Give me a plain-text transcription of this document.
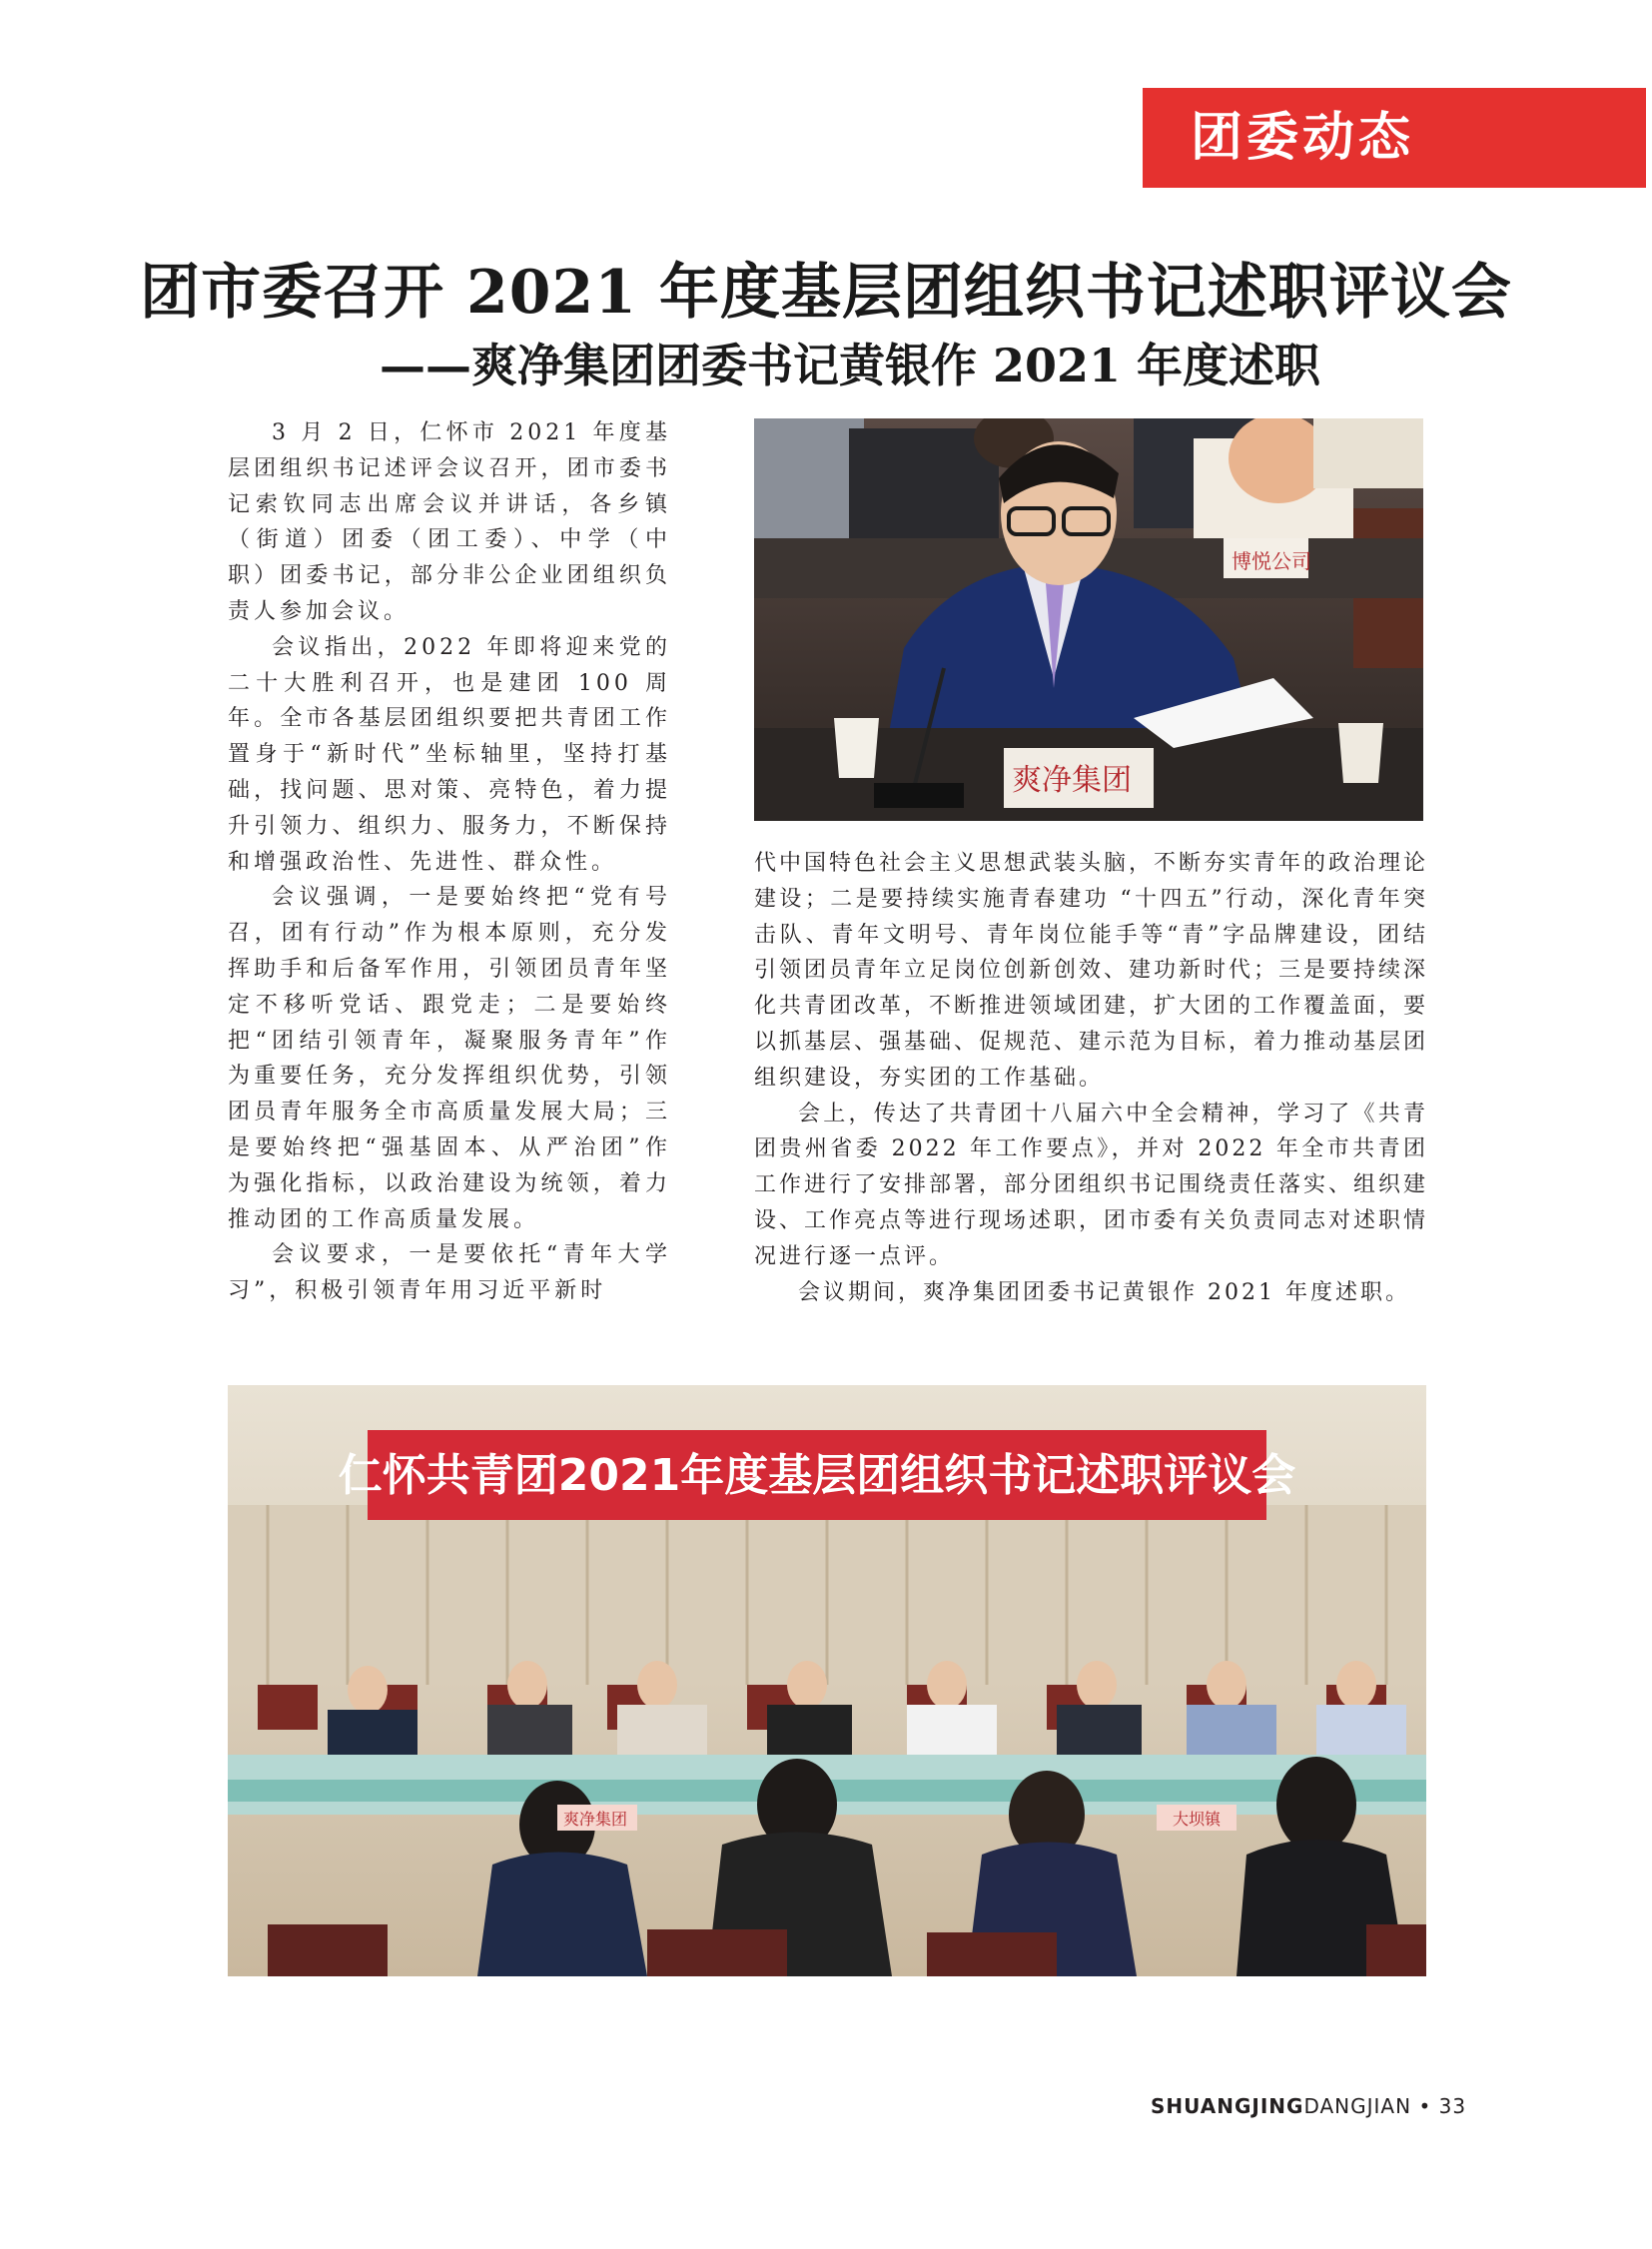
团委动态
团市委召开 2021 年度基层团组织书记述职评议会
——爽净集团团委书记黄银作 2021 年度述职

3 月 2 日，仁怀市 2021 年度基层团组织书记述评会议召开，团市委书记索钦同志出席会议并讲话，各乡镇（街道）团委（团工委）、中学（中职）团委书记，部分非公企业团组织负责人参加会议。

会议指出，2022 年即将迎来党的二十大胜利召开，也是建团 100 周年。全市各基层团组织要把共青团工作置身于“新时代”坐标轴里，坚持打基础，找问题、思对策、亮特色，着力提升引领力、组织力、服务力，不断保持和增强政治性、先进性、群众性。

会议强调，一是要始终把“党有号召，团有行动”作为根本原则，充分发挥助手和后备军作用，引领团员青年坚定不移听党话、跟党走；二是要始终把“团结引领青年，凝聚服务青年”作为重要任务，充分发挥组织优势，引领团员青年服务全市高质量发展大局；三是要始终把“强基固本、从严治团”作为强化指标，以政治建设为统领，着力推动团的工作高质量发展。

会议要求，一是要依托“青年大学习”，积极引领青年用习近平新时

博悦公司
爽净集团

代中国特色社会主义思想武装头脑，不断夯实青年的政治理论建设；二是要持续实施青春建功 “十四五”行动，深化青年突击队、青年文明号、青年岗位能手等“青”字品牌建设，团结引领团员青年立足岗位创新创效、建功新时代；三是要持续深化共青团改革，不断推进领域团建，扩大团的工作覆盖面，要以抓基层、强基础、促规范、建示范为目标，着力推动基层团组织建设，夯实团的工作基础。

会上，传达了共青团十八届六中全会精神，学习了《共青团贵州省委 2022 年工作要点》，并对 2022 年全市共青团工作进行了安排部署，部分团组织书记围绕责任落实、组织建设、工作亮点等进行现场述职，团市委有关负责同志对述职情况进行逐一点评。

会议期间，爽净集团团委书记黄银作 2021 年度述职。

仁怀共青团2021年度基层团组织书记述职评议会
爽净集团	大坝镇
SHUANGJINGDANGJIAN • 33
